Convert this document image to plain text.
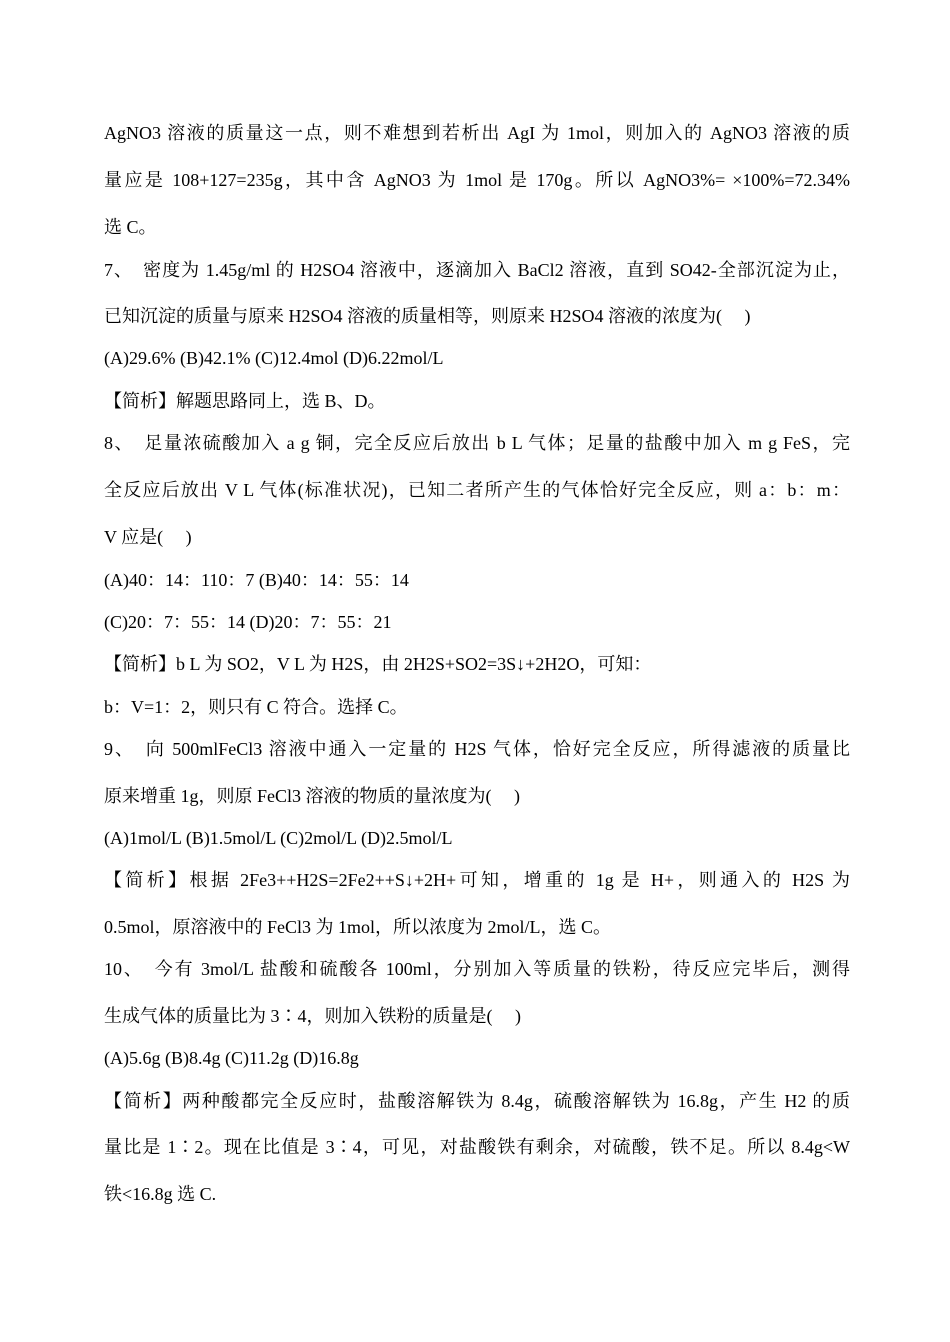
AgNO3 溶液的质量这一点，则不难想到若析出 AgI 为 1mol，则加入的 AgNO3 溶液的质
量应是 108+127=235g，其中含 AgNO3 为 1mol 是 170g。所以 AgNO3%= ×100%=72.34%
选 C。
7、　密度为 1.45g/ml 的 H2SO4 溶液中，逐滴加入 BaCl2 溶液，直到 SO42-全部沉淀为止，
已知沉淀的质量与原来 H2SO4 溶液的质量相等，则原来 H2SO4 溶液的浓度为(　 )
(A)29.6% (B)42.1% (C)12.4mol (D)6.22mol/L
【简析】解题思路同上，选 B、D。
8、　足量浓硫酸加入 a g 铜，完全反应后放出 b L 气体；足量的盐酸中加入 m g FeS，完
全反应后放出 V L 气体(标准状况)，已知二者所产生的气体恰好完全反应，则 a：b：m：
V 应是(　 )
(A)40：14：110：7 (B)40：14：55：14
(C)20：7：55：14 (D)20：7：55：21
【简析】b L 为 SO2，V L 为 H2S，由 2H2S+SO2=3S↓+2H2O，可知：
b：V=1：2，则只有 C 符合。选择 C。
9、　向 500mlFeCl3 溶液中通入一定量的 H2S 气体，恰好完全反应，所得滤液的质量比
原来增重 1g，则原 FeCl3 溶液的物质的量浓度为(　 )
(A)1mol/L (B)1.5mol/L (C)2mol/L (D)2.5mol/L
【简析】根据 2Fe3++H2S=2Fe2++S↓+2H+可知，增重的 1g 是 H+，则通入的 H2S 为
0.5mol，原溶液中的 FeCl3 为 1mol，所以浓度为 2mol/L，选 C。
10、　今有 3mol/L 盐酸和硫酸各 100ml，分别加入等质量的铁粉，待反应完毕后，测得
生成气体的质量比为 3∶4，则加入铁粉的质量是(　 )
(A)5.6g (B)8.4g (C)11.2g (D)16.8g
【简析】两种酸都完全反应时，盐酸溶解铁为 8.4g，硫酸溶解铁为 16.8g，产生 H2 的质
量比是 1∶2。现在比值是 3∶4，可见，对盐酸铁有剩余，对硫酸，铁不足。所以 8.4g<W
铁<16.8g 选 C.
